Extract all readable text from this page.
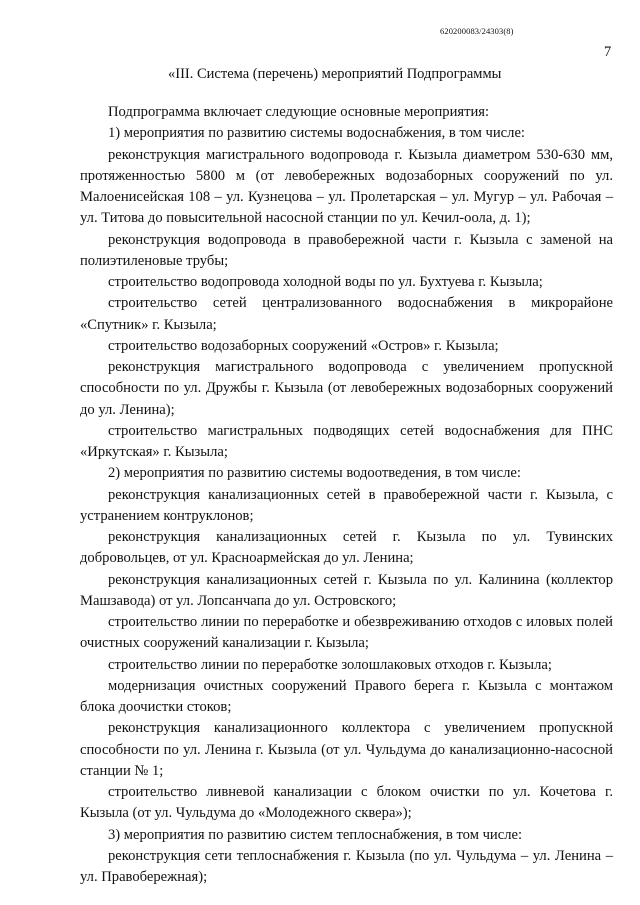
620200083/24303(8)
7
«III. Система (перечень) мероприятий Подпрограммы

Подпрограмма включает следующие основные мероприятия:

1) мероприятия по развитию системы водоснабжения, в том числе:

реконструкция магистрального водопровода г. Кызыла диаметром 530-630 мм, протяженностью 5800 м (от левобережных водозаборных сооружений по ул. Малоенисейская 108 – ул. Кузнецова – ул. Пролетарская – ул. Мугур – ул. Рабочая – ул. Титова до повысительной насосной станции по ул. Кечил-оола, д. 1);

реконструкция водопровода в правобережной части г. Кызыла с заменой на полиэтиленовые трубы;

строительство водопровода холодной воды по ул. Бухтуева г. Кызыла;

строительство сетей централизованного водоснабжения в микрорайоне «Спутник» г. Кызыла;

строительство водозаборных сооружений «Остров» г. Кызыла;

реконструкция магистрального водопровода с увеличением пропускной способности по ул. Дружбы г. Кызыла (от левобережных водозаборных сооружений до ул. Ленина);

строительство магистральных подводящих сетей водоснабжения для ПНС «Иркутская» г. Кызыла;

2) мероприятия по развитию системы водоотведения, в том числе:

реконструкция канализационных сетей в правобережной части г. Кызыла, с устранением контруклонов;

реконструкция канализационных сетей г. Кызыла по ул. Тувинских добровольцев, от ул. Красноармейская до ул. Ленина;

реконструкция канализационных сетей г. Кызыла по ул. Калинина (коллектор Машзавода) от ул. Лопсанчапа до ул. Островского;

строительство линии по переработке и обезвреживанию отходов с иловых полей очистных сооружений канализации г. Кызыла;

строительство линии по переработке золошлаковых отходов г. Кызыла;

модернизация очистных сооружений Правого берега г. Кызыла с монтажом блока доочистки стоков;

реконструкция канализационного коллектора с увеличением пропускной способности по ул. Ленина г. Кызыла (от ул. Чульдума до канализационно-насосной станции № 1;

строительство ливневой канализации с блоком очистки по ул. Кочетова г. Кызыла (от ул. Чульдума до «Молодежного сквера»);

3) мероприятия по развитию систем теплоснабжения, в том числе:

реконструкция сети теплоснабжения г. Кызыла (по ул. Чульдума – ул. Ленина – ул. Правобережная);
